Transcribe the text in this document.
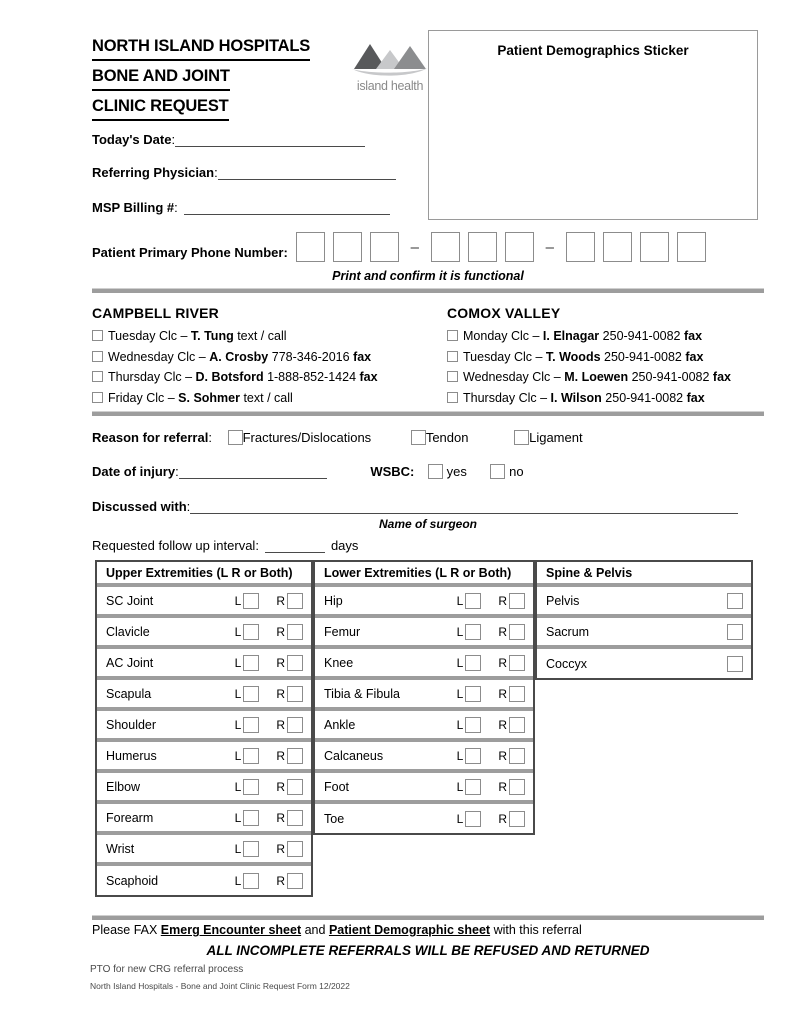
NORTH ISLAND HOSPITALS
BONE AND JOINT
CLINIC REQUEST
island health
Patient Demographics Sticker
Today's Date:
Referring Physician:
MSP Billing #:
Patient Primary Phone Number:	–	–
Print and confirm it is functional
CAMPBELL RIVER
Tuesday Clc – T. Tung text / call
Wednesday Clc – A. Crosby 778-346-2016 fax
Thursday Clc – D. Botsford 1-888-852-1424 fax
Friday Clc – S. Sohmer text / call
COMOX VALLEY
Monday Clc – I. Elnagar 250-941-0082 fax
Tuesday Clc – T. Woods 250-941-0082 fax
Wednesday Clc – M. Loewen 250-941-0082 fax
Thursday Clc – I. Wilson 250-941-0082 fax
Reason for referral: Fractures/Dislocations	Tendon	Ligament
Date of injury:	WSBC: yes	no
Discussed with:
Name of surgeon
Requested follow up interval:	days
Upper Extremities (L R or Both)
SC Joint	L	R
Clavicle	L	R
AC Joint	L	R
Scapula	L	R
Shoulder	L	R
Humerus	L	R
Elbow	L	R
Forearm	L	R
Wrist	L	R
Scaphoid	L	R
Lower Extremities (L R or Both)
Hip	L	R
Femur	L	R
Knee	L	R
Tibia & Fibula	L	R
Ankle	L	R
Calcaneus	L	R
Foot	L	R
Toe	L	R
Spine & Pelvis
Pelvis
Sacrum
Coccyx
Please FAX Emerg Encounter sheet and Patient Demographic sheet with this referral
ALL INCOMPLETE REFERRALS WILL BE REFUSED AND RETURNED
PTO for new CRG referral process
North Island Hospitals - Bone and Joint Clinic Request Form 12/2022
